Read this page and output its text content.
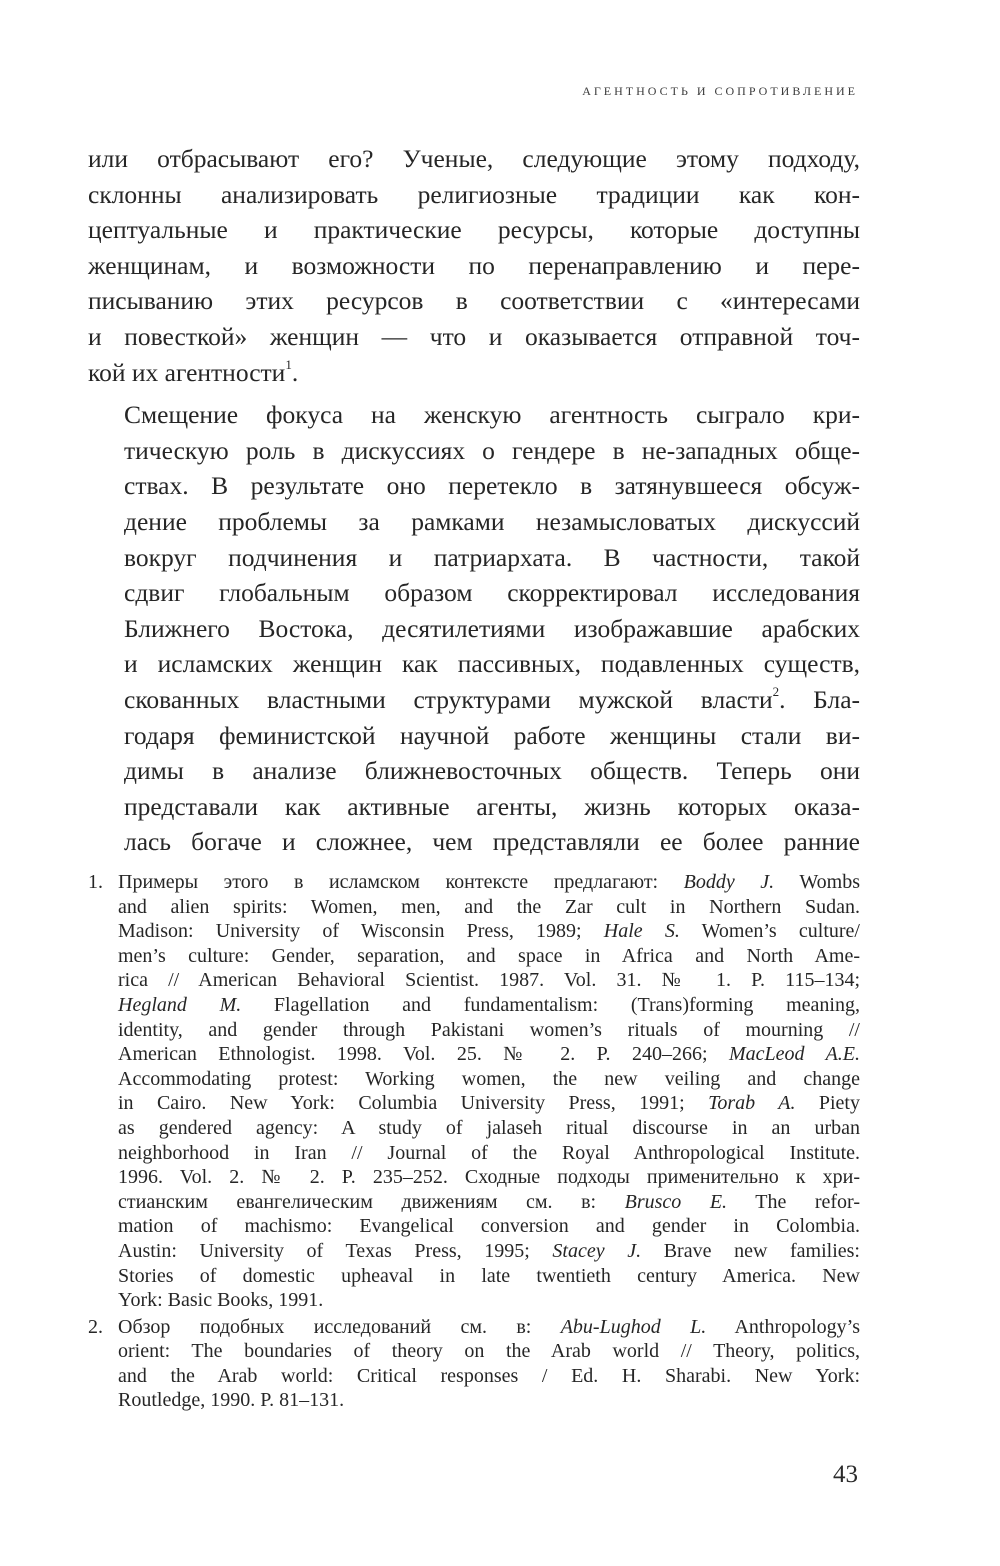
АГЕНТНОСТЬ И СОПРОТИВЛЕНИЕ

или отбрасывают его? Ученые, следующие этому подходу,
склонны анализировать религиозные традиции как кон-
цептуальные и практические ресурсы, которые доступны
женщинам, и возможности по перенаправлению и пере-
писыванию этих ресурсов в соответствии с «интересами
и повесткой» женщин — что и оказывается отправной точ-
кой их агентности$^1$.

Смещение фокуса на женскую агентность сыграло кри-
тическую роль в дискуссиях о гендере в не-западных обще-
ствах. В результате оно перетекло в затянувшееся обсуж-
дение проблемы за рамками незамысловатых дискуссий
вокруг подчинения и патриархата. В частности, такой
сдвиг глобальным образом скорректировал исследования
Ближнего Востока, десятилетиями изображавшие арабских
и исламских женщин как пассивных, подавленных существ,
скованных властными структурами мужской власти$^2$. Бла-
годаря феминистской научной работе женщины стали ви-
димы в анализе ближневосточных обществ. Теперь они
представали как активные агенты, жизнь которых оказа-
лась богаче и сложнее, чем представляли ее более ранние

1. Примеры этого в исламском контексте предлагают: Boddy J. Wombs
and alien spirits: Women, men, and the Zar cult in Northern Sudan.
Madison: University of Wisconsin Press, 1989; Hale S. Women’s culture/
men’s culture: Gender, separation, and space in Africa and North Ame-
rica // American Behavioral Scientist. 1987. Vol. 31. № 1. P. 115–134;
Hegland M. Flagellation and fundamentalism: (Trans)forming meaning,
identity, and gender through Pakistani women’s rituals of mourning //
American Ethnologist. 1998. Vol. 25. № 2. P. 240–266; MacLeod A.E.
Accommodating protest: Working women, the new veiling and change
in Cairo. New York: Columbia University Press, 1991; Torab A. Piety
as gendered agency: A study of jalaseh ritual discourse in an urban
neighborhood in Iran // Journal of the Royal Anthropological Institute.
1996. Vol. 2. № 2. P. 235–252. Сходные подходы применительно к хри-
стианским евангелическим движениям см. в: Brusco E. The refor-
mation of machismo: Evangelical conversion and gender in Colombia.
Austin: University of Texas Press, 1995; Stacey J. Brave new families:
Stories of domestic upheaval in late twentieth century America. New
York: Basic Books, 1991.
2. Обзор подобных исследований см. в: Abu-Lughod L. Anthropology’s
orient: The boundaries of theory on the Arab world // Theory, politics,
and the Arab world: Critical responses / Ed. H. Sharabi. New York:
Routledge, 1990. P. 81–131.
43
